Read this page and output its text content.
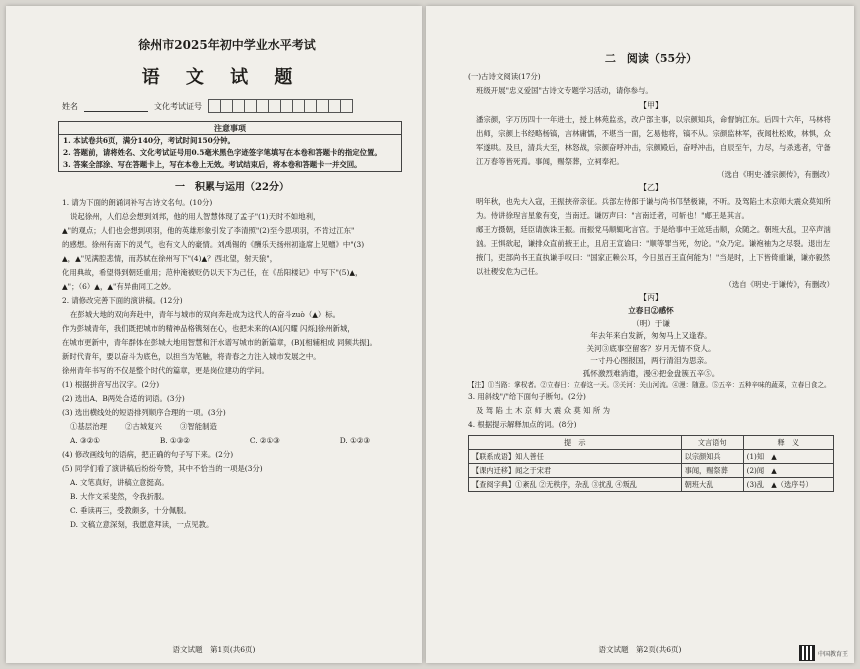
徐州市2025年初中学业水平考试
语 文 试 题
姓名	文化考试证号
注意事项
1. 本试卷共6页，满分140分，考试时间150分钟。
2. 答题前，请将姓名、文化考试证号用0.5毫米黑色字迹签字笔填写在本卷和答题卡的指定位置。
3. 答案全部涂、写在答题卡上，写在本卷上无效。考试结束后，将本卷和答题卡一并交回。
一　积累与运用（22分）

1. 请为下面的朗诵词补写古诗文名句。(10分)

说起徐州，人们总会想到刘邦，他的用人智慧体现了孟子"(1)天时不如地利，

▲"的观点；人们也会想到项羽，他的英雄形象引发了李清照"(2)至今思项羽，不肯过江东"

的感想。徐州有南下的灵气，也有文人的豪情。刘禹锡的《酬乐天扬州初逢席上见赠》中"(3)

▲，▲"见满腔悲情，而苏轼在徐州写下"(4)▲？西北望，射天狼"，

化用典故，希望得到朝廷重用；范仲淹被贬仍以天下为己任，在《岳阳楼记》中写下"(5)▲，

▲"；（6）▲，▲"有异曲同工之妙。

2. 请修改完善下面的演讲稿。(12分)

在彭城大地的双向奔赴中，青年与城市的双向奔赴成为这代人的奋斗zuò（▲）标。

作为彭城青年，我们既把城市的精神品格镌刻在心，也把未来的(A)[闪耀 闪烁]徐州新城，

在城市更新中，青年群体在彭城大地用智慧和汗水谱写城市的新篇章，(B)[相辅相成 同频共振]。

新时代青年，要以奋斗为底色，以担当为笔触，将青春之力注入城市发展之中。

徐州青年书写的不仅是整个时代的篇章，更是岗位建功的学问。

(1) 根据拼音写出汉字。(2分)

(2) 选出A、B两处合适的词语。(3分)

(3) 选出横线处的短语排列顺序合理的一项。(3分)

①基层治理 ②古城复兴 ③智能制造
A. ③②①	B. ①③②	C. ②①③	D. ①②③

(4) 修改画线句的语病，把正确的句子写下来。(2分)

(5) 同学们看了演讲稿后纷纷夸赞，其中不恰当的一项是(3分)

A. 文笔真好，讲稿立意挺高。

B. 大作文采斐然，令我折服。

C. 垂读再三，受教颇多，十分佩服。

D. 文稿立意深刻，我愿意拜读，一点见教。

语文试题　第1页(共6页)
二　阅读（55分）

(一)古诗文阅读(17分)

班级开展"忠义爱国"古诗文专题学习活动，请你参与。

【甲】

潘宗颜，字万历四十一年进士，授上林苑监丞，改户部主事，以宗颜知兵，命督饷江东。后四十六年，马林将出师，宗颜上书经略杨镐，言林庸懦，不堪当一面，乞易他将，镐不从。宗颜监林军，夜闻杜松败，林惧，众军遂哄。及旦，清兵大至，林怒战，宗颜奋呼冲击，宗颜殿后，奋呼冲击，自辰至午，力尽，与杀逃者，守备江万春等皆死焉。事闻，赐祭葬，立祠奉祀。

（选自《明史·潘宗颜传》，有删改）
【乙】

明年秋，也先大入寇，王振挟帝亲征。兵部左侍郎于谦与尚书邝埜极谏，不听。及驾陷土木京师大震众莫知所为。侍讲徐珵言星象有变，当南迁。谦厉声曰："言南迁者，可斩也！"郕王是其言。

郕王方摄朝，廷臣请族诛王振。而振党马顺辄叱言官。于是给事中王竑廷击顺，众随之。朝班大乱，卫卒声汹汹。王惧欲起，谦排众直前掖王止，且启王宣谕曰："顺等罪当死，勿论。"众乃定。谦袍袖为之尽裂。退出左掖门，吏部尚书王直执谦手叹曰："国家正赖公耳，今日虽百王直何能为！"当是时，上下皆倚重谦，谦亦毅然以社稷安危为己任。

（选自《明史·于谦传》，有删改）
【丙】
立春日②感怀
（明）于谦
年去年来白发新，匆匆马上又逢春。
关河③底事空留客？岁月无情不贷人。
一寸丹心图报国，两行清泪为思亲。
孤怀激烈难消遣，漫④把金盘簇五辛⑤。
【注】①当路：掌权者。②立春日：立春这一天。③关河：关山河流。④漫：随意。⑤五辛：五种辛味的蔬菜，立春日食之。

3. 用斜线"/"给下面句子断句。(2分)

及 驾 陷 土 木 京 师 大 震 众 莫 知 所 为

4. 根据提示解释加点的词。(8分)

提　示	文言语句	释　义
【联系成语】知人善任	以宗颜知兵	(1)知　▲
【课内迁移】闻之于宋君	事闻，赐祭葬	(2)闻　▲
【查阅字典】①紊乱 ②无秩序，杂乱 ③扰乱 ④叛乱	朝班大乱	(3)乱　▲（选序号）
语文试题　第2页(共6页)	中国教育王
